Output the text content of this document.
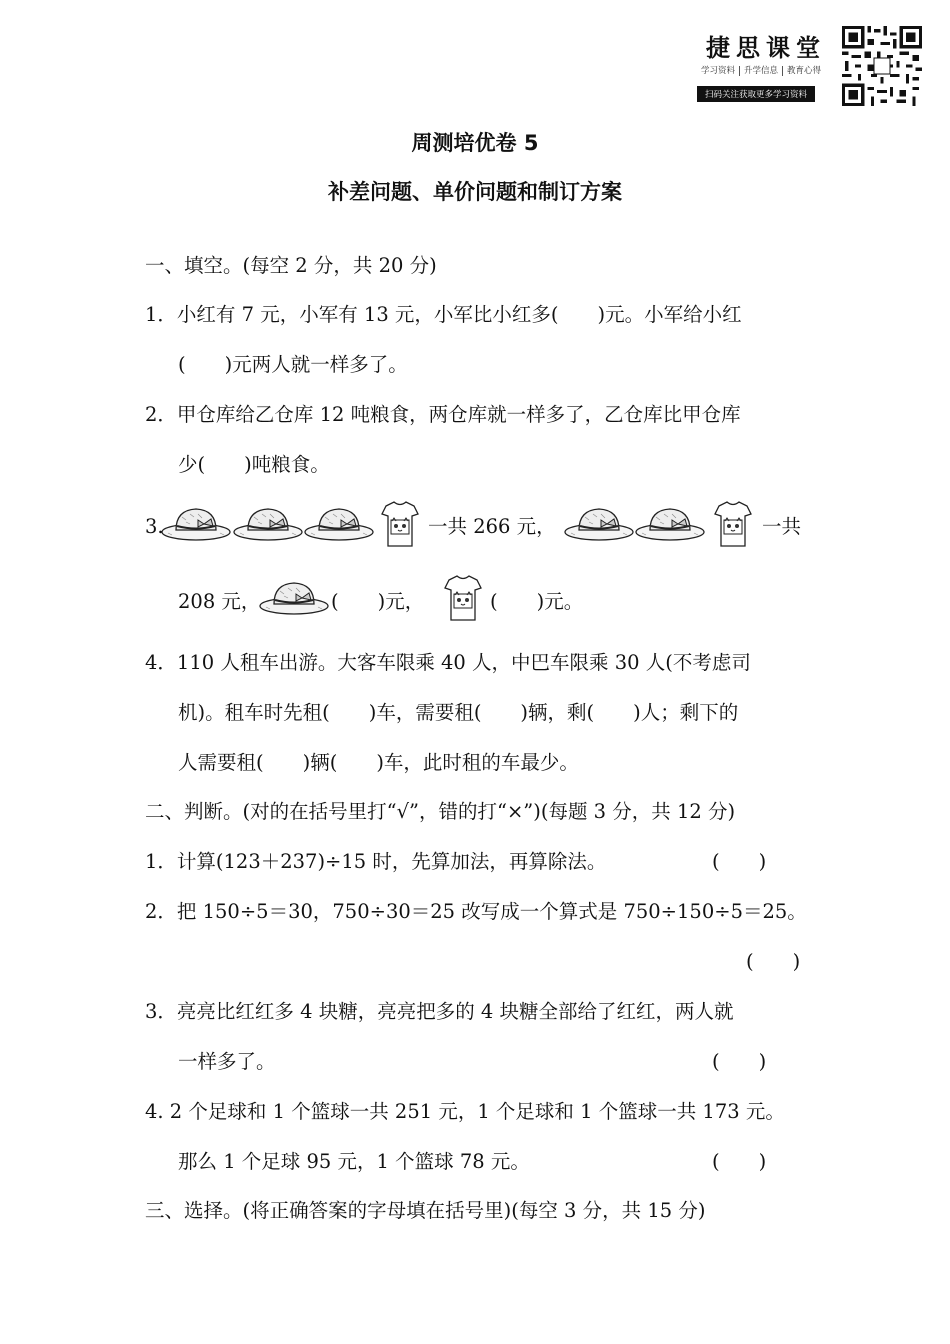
捷思课堂
学习资料 升学信息 教育心得
扫码关注获取更多学习资料
周测培优卷 5
补差问题、单价问题和制订方案
一、填空。(每空 2 分，共 20 分)
1．小红有 7 元，小军有 13 元，小军比小红多(　　)元。小军给小红
(　　)元两人就一样多了。
2．甲仓库给乙仓库 12 吨粮食，两仓库就一样多了，乙仓库比甲仓库
少(　　)吨粮食。
3.	一共 266 元，	一共
208 元，	(　　)元，	(　　)元。
4．110 人租车出游。大客车限乘 40 人，中巴车限乘 30 人(不考虑司
机)。租车时先租(　　)车，需要租(　　)辆，剩(　　)人；剩下的
人需要租(　　)辆(　　)车，此时租的车最少。
二、判断。(对的在括号里打“√”，错的打“×”)(每题 3 分，共 12 分)
1．计算(123＋237)÷15 时，先算加法，再算除法。	(　　)
2．把 150÷5＝30，750÷30＝25 改写成一个算式是 750÷150÷5＝25。
(　　)
3．亮亮比红红多 4 块糖，亮亮把多的 4 块糖全部给了红红，两人就
一样多了。	(　　)
4. 2 个足球和 1 个篮球一共 251 元，1 个足球和 1 个篮球一共 173 元。
那么 1 个足球 95 元，1 个篮球 78 元。	(　　)
三、选择。(将正确答案的字母填在括号里)(每空 3 分，共 15 分)
